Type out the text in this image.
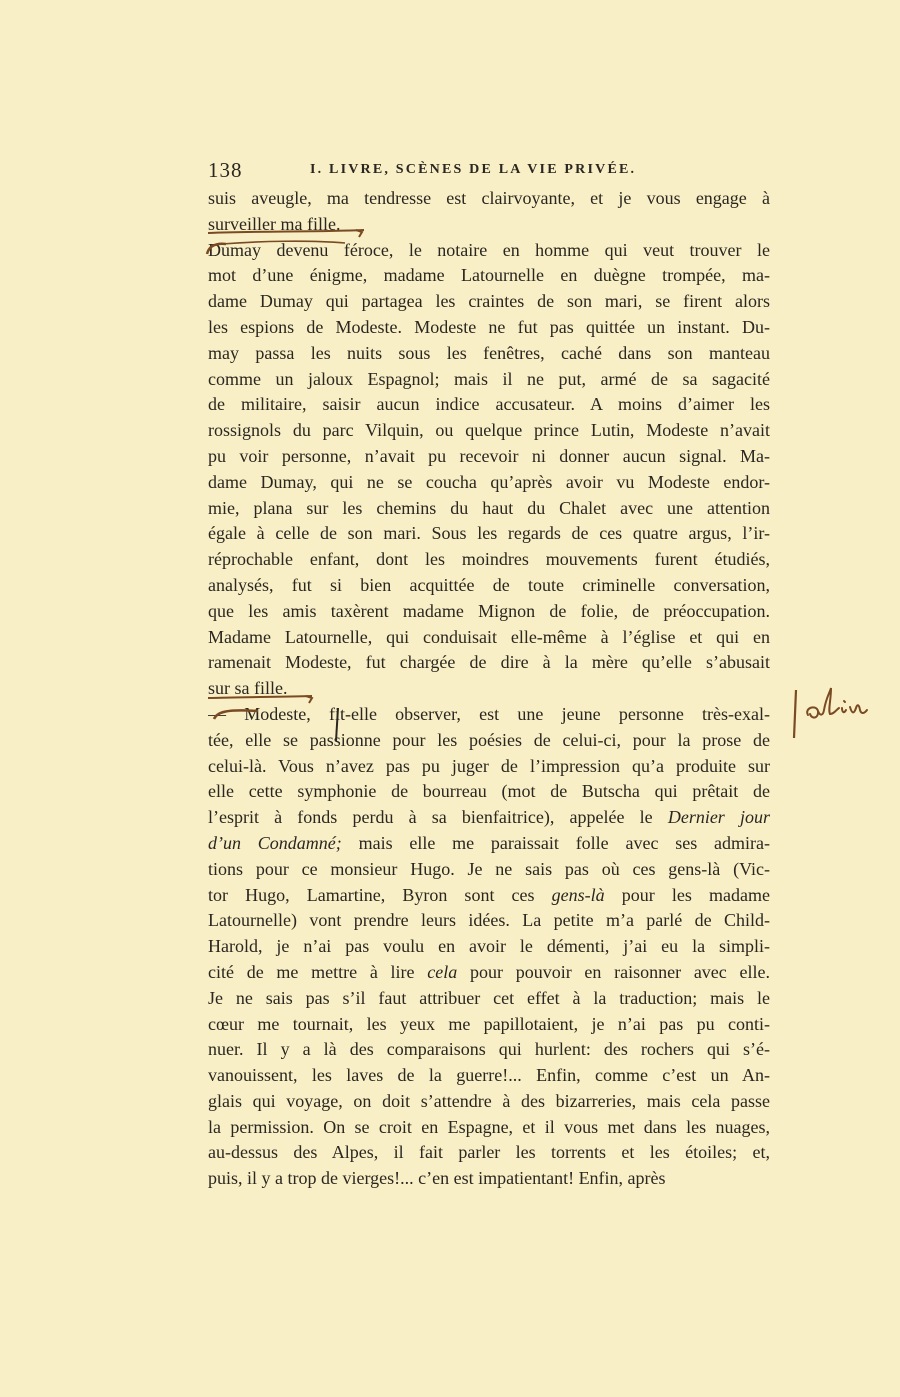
138	I. LIVRE, SCÈNES DE LA VIE PRIVÉE.
suis aveugle, ma tendresse est clairvoyante, et je vous engage à
surveiller ma fille.
Dumay devenu féroce, le notaire en homme qui veut trouver le
mot d’une énigme, madame Latournelle en duègne trompée, ma-
dame Dumay qui partagea les craintes de son mari, se firent alors
les espions de Modeste. Modeste ne fut pas quittée un instant. Du-
may passa les nuits sous les fenêtres, caché dans son manteau
comme un jaloux Espagnol; mais il ne put, armé de sa sagacité
de militaire, saisir aucun indice accusateur. A moins d’aimer les
rossignols du parc Vilquin, ou quelque prince Lutin, Modeste n’avait
pu voir personne, n’avait pu recevoir ni donner aucun signal. Ma-
dame Dumay, qui ne se coucha qu’après avoir vu Modeste endor-
mie, plana sur les chemins du haut du Chalet avec une attention
égale à celle de son mari. Sous les regards de ces quatre argus, l’ir-
réprochable enfant, dont les moindres mouvements furent étudiés,
analysés, fut si bien acquittée de toute criminelle conversation,
que les amis taxèrent madame Mignon de folie, de préoccupation.
Madame Latournelle, qui conduisait elle-même à l’église et qui en
ramenait Modeste, fut chargée de dire à la mère qu’elle s’abusait
sur sa fille.
— Modeste, fit-elle observer, est une jeune personne très-exal-
tée, elle se passionne pour les poésies de celui-ci, pour la prose de
celui-là. Vous n’avez pas pu juger de l’impression qu’a produite sur
elle cette symphonie de bourreau (mot de Butscha qui prêtait de
l’esprit à fonds perdu à sa bienfaitrice), appelée le Dernier jour
d’un Condamné; mais elle me paraissait folle avec ses admira-
tions pour ce monsieur Hugo. Je ne sais pas où ces gens-là (Vic-
tor Hugo, Lamartine, Byron sont ces gens-là pour les madame
Latournelle) vont prendre leurs idées. La petite m’a parlé de Child-
Harold, je n’ai pas voulu en avoir le démenti, j’ai eu la simpli-
cité de me mettre à lire cela pour pouvoir en raisonner avec elle.
Je ne sais pas s’il faut attribuer cet effet à la traduction; mais le
cœur me tournait, les yeux me papillotaient, je n’ai pas pu conti-
nuer. Il y a là des comparaisons qui hurlent: des rochers qui s’é-
vanouissent, les laves de la guerre!... Enfin, comme c’est un An-
glais qui voyage, on doit s’attendre à des bizarreries, mais cela passe
la permission. On se croit en Espagne, et il vous met dans les nuages,
au-dessus des Alpes, il fait parler les torrents et les étoiles; et,
puis, il y a trop de vierges!... c’en est impatientant! Enfin, après
